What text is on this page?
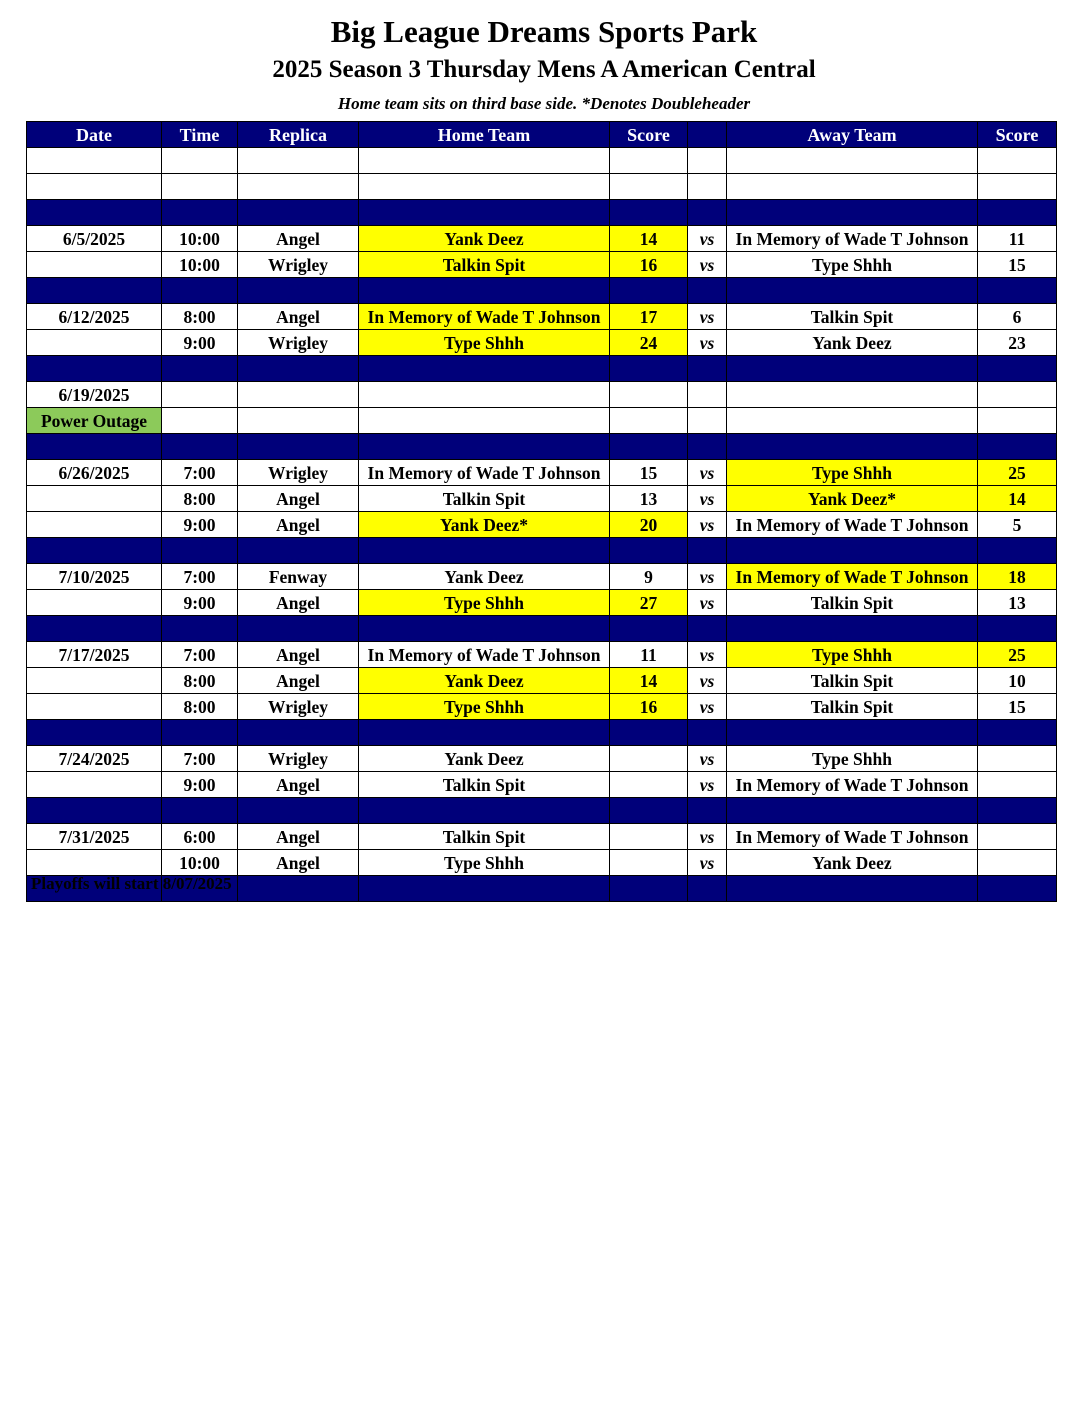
Big League Dreams Sports Park
2025 Season 3 Thursday Mens A American Central
Home team sits on third base side. *Denotes Doubleheader
Date	Time	Replica	Home Team	Score		Away Team	Score

6/5/2025	10:00	Angel	Yank Deez	14	vs	In Memory of Wade T Johnson	11
	10:00	Wrigley	Talkin Spit	16	vs	Type Shhh	15

6/12/2025	8:00	Angel	In Memory of Wade T Johnson	17	vs	Talkin Spit	6
	9:00	Wrigley	Type Shhh	24	vs	Yank Deez	23

6/19/2025							
Power Outage							

6/26/2025	7:00	Wrigley	In Memory of Wade T Johnson	15	vs	Type Shhh	25
	8:00	Angel	Talkin Spit	13	vs	Yank Deez*	14
	9:00	Angel	Yank Deez*	20	vs	In Memory of Wade T Johnson	5

7/10/2025	7:00	Fenway	Yank Deez	9	vs	In Memory of Wade T Johnson	18
	9:00	Angel	Type Shhh	27	vs	Talkin Spit	13

7/17/2025	7:00	Angel	In Memory of Wade T Johnson	11	vs	Type Shhh	25
	8:00	Angel	Yank Deez	14	vs	Talkin Spit	10
	8:00	Wrigley	Type Shhh	16	vs	Talkin Spit	15

7/24/2025	7:00	Wrigley	Yank Deez		vs	Type Shhh	
	9:00	Angel	Talkin Spit		vs	In Memory of Wade T Johnson	

7/31/2025	6:00	Angel	Talkin Spit		vs	In Memory of Wade T Johnson	
	10:00	Angel	Type Shhh		vs	Yank Deez	

Playoffs will start 8/07/2025
